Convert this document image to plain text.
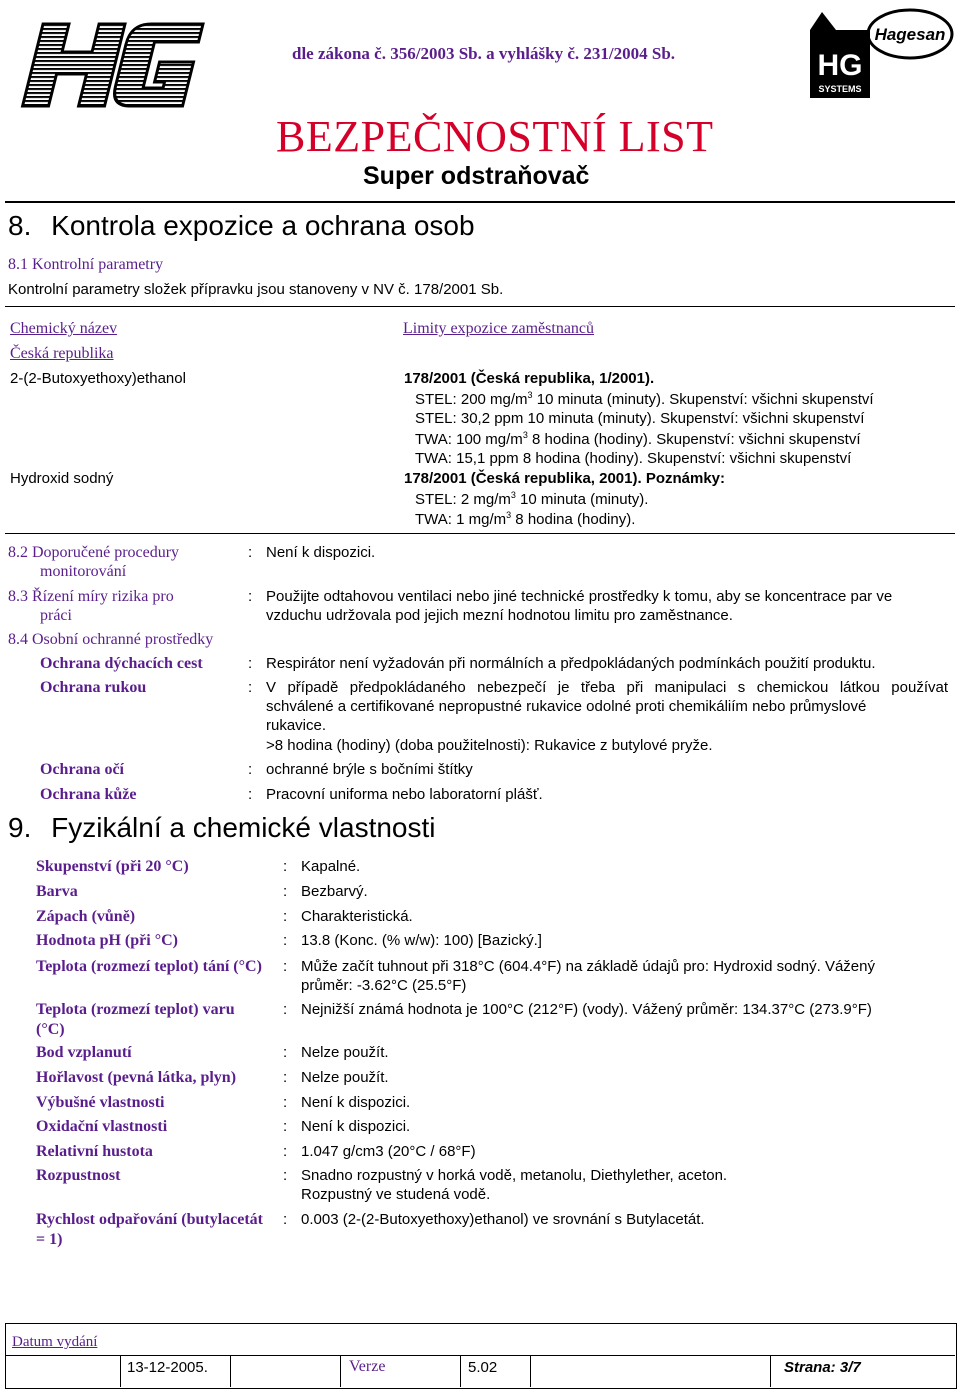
HG
SYSTEMS
Hagesan
dle zákona č. 356/2003 Sb. a vyhlášky č. 231/2004 Sb.
BEZPEČNOSTNÍ LIST
Super odstraňovač
8. Kontrola expozice a ochrana osob
8.1 Kontrolní parametry
Kontrolní parametry složek přípravku jsou stanoveny v NV č. 178/2001 Sb.
Chemický název
Česká republika
Limity expozice zaměstnanců
2-(2-Butoxyethoxy)ethanol	178/2001 (Česká republika, 1/2001).
STEL: 200 $mg/m^3$ 10 minuta (minuty). Skupenství: všichni skupenství
STEL: 30,2 ppm 10 minuta (minuty). Skupenství: všichni skupenství
TWA: 100 $mg/m^3$ 8 hodina (hodiny). Skupenství: všichni skupenství
TWA: 15,1 ppm 8 hodina (hodiny). Skupenství: všichni skupenství
Hydroxid sodný	178/2001 (Česká republika, 2001). Poznámky:
STEL: 2 $mg/m^3$ 10 minuta (minuty).
TWA: 1 $mg/m^3$ 8 hodina (hodiny).
8.2 Doporučené procedury
monitorování
: Není k dispozici.
8.3 Řízení míry rizika pro
práci
: Použijte odtahovou ventilaci nebo jiné technické prostředky k tomu, aby se koncentrace par ve
vzduchu udržovala pod jejich mezní hodnotou limitu pro zaměstnance.
8.4 Osobní ochranné prostředky
Ochrana dýchacích cest	: Respirátor není vyžadován při normálních a předpokládaných podmínkách použití produktu.
Ochrana rukou	: V případě předpokládaného nebezpečí je třeba při manipulaci s chemickou látkou používat
schválené a certifikované nepropustné rukavice odolné proti chemikáliím nebo průmyslové
rukavice.
>8 hodina (hodiny) (doba použitelnosti): Rukavice z butylové pryže.
Ochrana očí	: ochranné brýle s bočními štítky
Ochrana kůže	: Pracovní uniforma nebo laboratorní plášť.
9. Fyzikální a chemické vlastnosti
Skupenství (při 20 °C)	: Kapalné.
Barva	: Bezbarvý.
Zápach (vůně)	: Charakteristická.
Hodnota pH (při °C)	: 13.8 (Konc. (% w/w): 100) [Bazický.]
Teplota (rozmezí teplot) tání (°C) : Může začít tuhnout při 318°C (604.4°F) na základě údajů pro: Hydroxid sodný. Vážený
průměr: -3.62°C (25.5°F)
Teplota (rozmezí teplot) varu
(°C)
: Nejnižší známá hodnota je 100°C (212°F) (vody). Vážený průměr: 134.37°C (273.9°F)
Bod vzplanutí	: Nelze použít.
Hořlavost (pevná látka, plyn)	: Nelze použít.
Výbušné vlastnosti	: Není k dispozici.
Oxidační vlastnosti	: Není k dispozici.
Relativní hustota	: 1.047 g/cm3 (20°C / 68°F)
Rozpustnost	: Snadno rozpustný v horká vodě, metanolu, Diethylether, aceton.
Rozpustný ve studená vodě.
Rychlost odpařování (butylacetát
= 1)
: 0.003 (2-(2-Butoxyethoxy)ethanol) ve srovnání s Butylacetát.
Datum vydání
13-12-2005.	Verze	5.02	Strana: 3/7
